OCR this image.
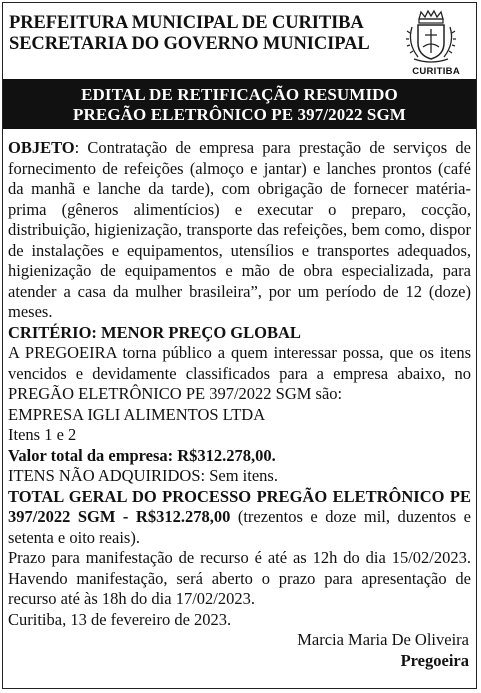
PREFEITURA MUNICIPAL DE CURITIBA
SECRETARIA DO GOVERNO MUNICIPAL
CURITIBA
EDITAL DE RETIFICAÇÃO RESUMIDO
PREGÃO ELETRÔNICO PE 397/2022 SGM

OBJETO: Contratação de empresa para prestação de serviços de fornecimento de refeições (almoço e jantar) e lanches prontos (café da manhã e lanche da tarde), com obrigação de fornecer matéria-prima (gêneros alimentícios) e executar o preparo, cocção, distribuição, higienização, transporte das refeições, bem como, dispor de instalações e equipamentos, utensílios e transportes adequados, higienização de equipamentos e mão de obra especializada, para atender a casa da mulher brasileira”, por um período de 12 (doze) meses.

CRITÉRIO: MENOR PREÇO GLOBAL

A PREGOEIRA torna público a quem interessar possa, que os itens vencidos e devidamente classificados para a empresa abaixo, no PREGÃO ELETRÔNICO PE 397/2022 SGM são:

EMPRESA IGLI ALIMENTOS LTDA

Itens 1 e 2

Valor total da empresa: R$312.278,00.

ITENS NÃO ADQUIRIDOS: Sem itens.

TOTAL GERAL DO PROCESSO PREGÃO ELETRÔNICO PE 397/2022 SGM - R$312.278,00 (trezentos e doze mil, duzentos e setenta e oito reais).

Prazo para manifestação de recurso é até as 12h do dia 15/02/2023. Havendo manifestação, será aberto o prazo para apresentação de recurso até às 18h do dia 17/02/2023.

Curitiba, 13 de fevereiro de 2023.

Marcia Maria De Oliveira

Pregoeira
